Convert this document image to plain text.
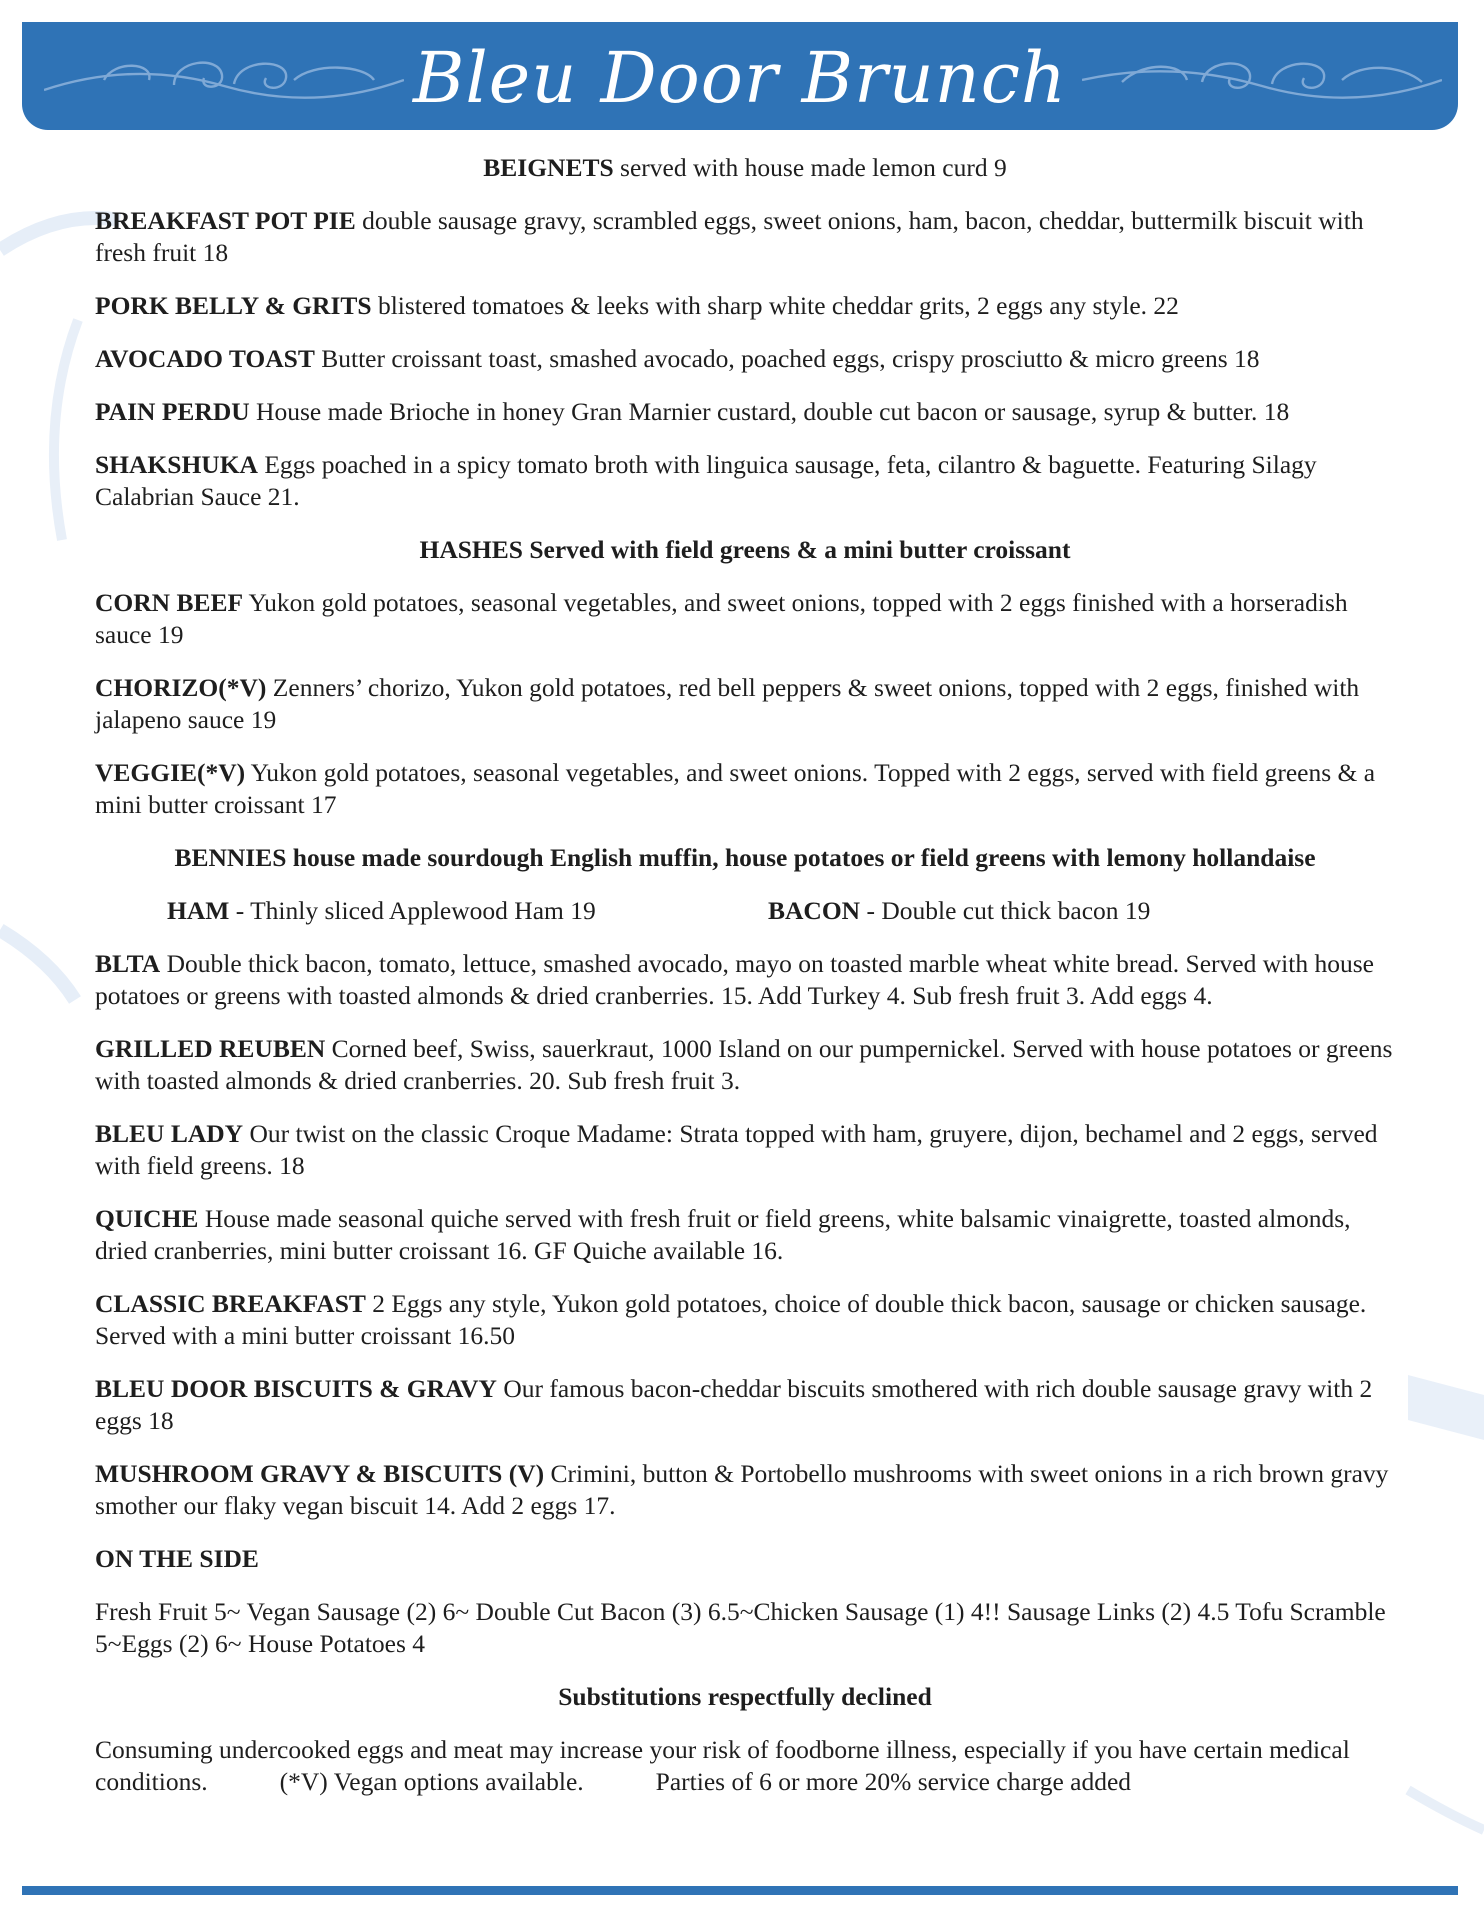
Bleu Door Brunch
BEIGNETS served with house made lemon curd 9
BREAKFAST POT PIE double sausage gravy, scrambled eggs, sweet onions, ham, bacon, cheddar, buttermilk biscuit with fresh fruit 18
PORK BELLY & GRITS blistered tomatoes & leeks with sharp white cheddar grits, 2 eggs any style. 22
AVOCADO TOAST Butter croissant toast, smashed avocado, poached eggs, crispy prosciutto & micro greens 18
PAIN PERDU House made Brioche in honey Gran Marnier custard, double cut bacon or sausage, syrup & butter. 18
SHAKSHUKA Eggs poached in a spicy tomato broth with linguica sausage, feta, cilantro & baguette. Featuring Silagy Calabrian Sauce 21.
HASHES Served with field greens & a mini butter croissant
CORN BEEF Yukon gold potatoes, seasonal vegetables, and sweet onions, topped with 2 eggs finished with a horseradish sauce 19
CHORIZO(*V) Zenners’ chorizo, Yukon gold potatoes, red bell peppers & sweet onions, topped with 2 eggs, finished with jalapeno sauce 19
VEGGIE(*V) Yukon gold potatoes, seasonal vegetables, and sweet onions. Topped with 2 eggs, served with field greens & a mini butter croissant 17
BENNIES house made sourdough English muffin, house potatoes or field greens with lemony hollandaise
HAM - Thinly sliced Applewood Ham 19	BACON - Double cut thick bacon 19
BLTA Double thick bacon, tomato, lettuce, smashed avocado, mayo on toasted marble wheat white bread. Served with house potatoes or greens with toasted almonds & dried cranberries. 15. Add Turkey 4. Sub fresh fruit 3. Add eggs 4.
GRILLED REUBEN Corned beef, Swiss, sauerkraut, 1000 Island on our pumpernickel. Served with house potatoes or greens with toasted almonds & dried cranberries. 20. Sub fresh fruit 3.
BLEU LADY Our twist on the classic Croque Madame: Strata topped with ham, gruyere, dijon, bechamel and 2 eggs, served with field greens. 18
QUICHE House made seasonal quiche served with fresh fruit or field greens, white balsamic vinaigrette, toasted almonds, dried cranberries, mini butter croissant 16. GF Quiche available 16.
CLASSIC BREAKFAST 2 Eggs any style, Yukon gold potatoes, choice of double thick bacon, sausage or chicken sausage. Served with a mini butter croissant 16.50
BLEU DOOR BISCUITS & GRAVY Our famous bacon-cheddar biscuits smothered with rich double sausage gravy with 2 eggs 18
MUSHROOM GRAVY & BISCUITS (V) Crimini, button & Portobello mushrooms with sweet onions in a rich brown gravy smother our flaky vegan biscuit 14. Add 2 eggs 17.
ON THE SIDE
Fresh Fruit 5~ Vegan Sausage (2) 6~ Double Cut Bacon (3) 6.5~Chicken Sausage (1) 4!! Sausage Links (2) 4.5 Tofu Scramble 5~Eggs (2) 6~ House Potatoes 4
Substitutions respectfully declined
Consuming undercooked eggs and meat may increase your risk of foodborne illness, especially if you have certain medical conditions.	(*V) Vegan options available.	Parties of 6 or more 20% service charge added
